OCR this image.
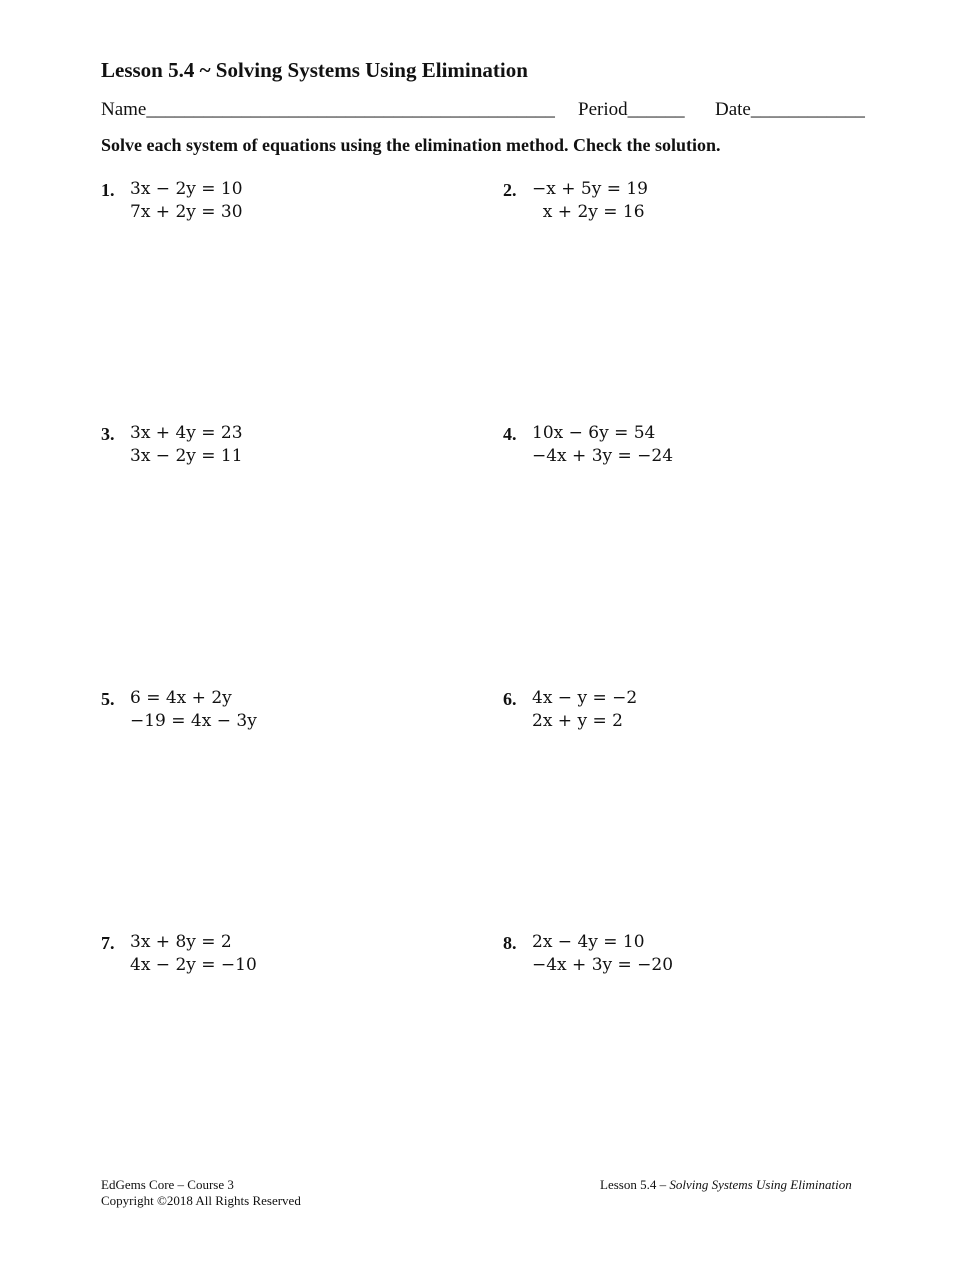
Lesson 5.4 ~ Solving Systems Using Elimination
Name___________________________________________ Period______ Date____________
Solve each system of equations using the elimination method. Check the solution.
1. 3x − 2y = 10
7x + 2y = 30
2. −x + 5y = 19
x + 2y = 16
3. 3x + 4y = 23
3x − 2y = 11
4. 10x − 6y = 54
−4x + 3y = −24
5. 6 = 4x + 2y
−19 = 4x − 3y
6. 4x − y = −2
2x + y = 2
7. 3x + 8y = 2
4x − 2y = −10
8. 2x − 4y = 10
−4x + 3y = −20
EdGems Core – Course 3
Copyright ©2018 All Rights Reserved
Lesson 5.4 – Solving Systems Using Elimination
